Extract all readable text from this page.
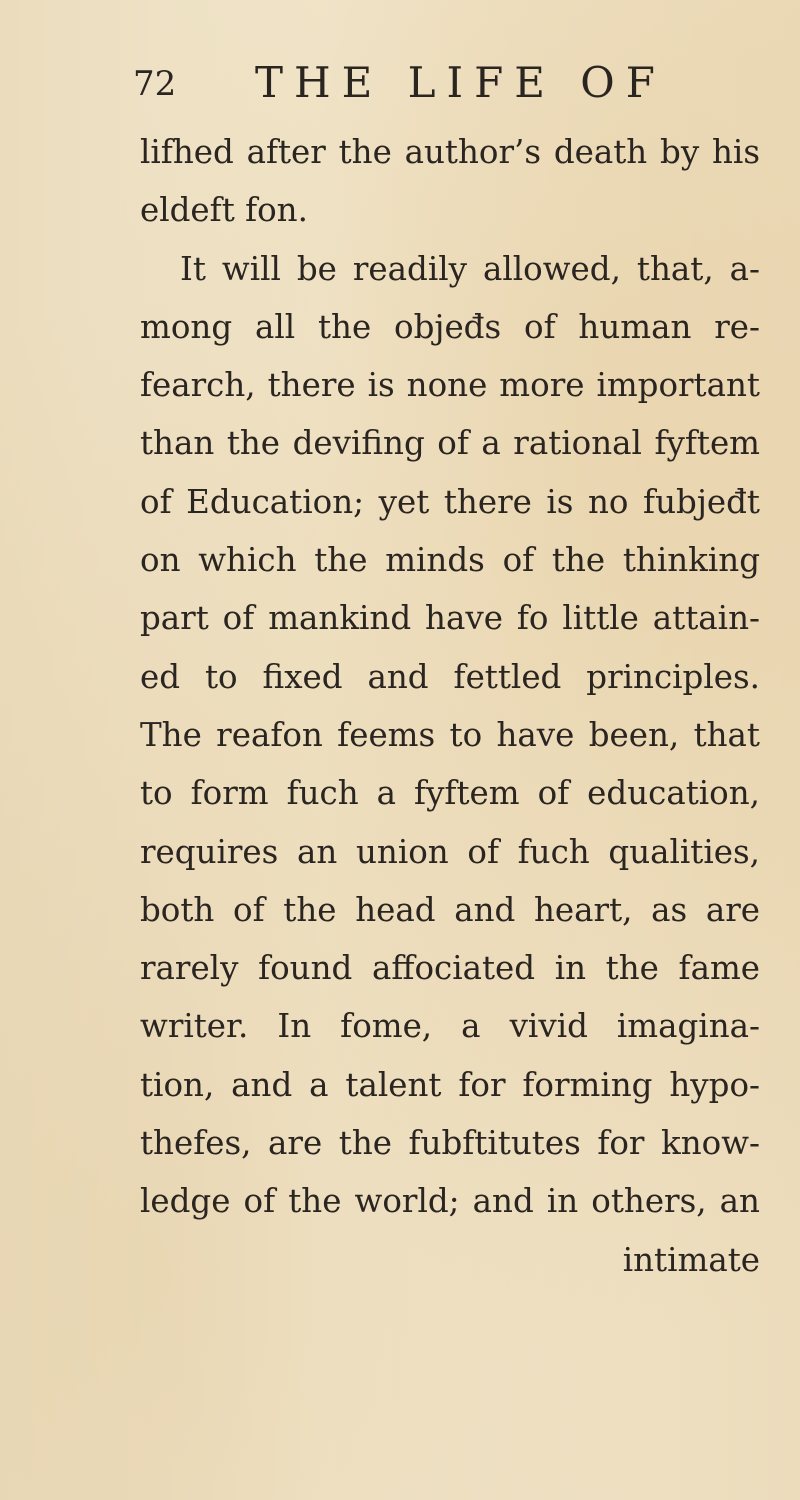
72 THE LIFE OF
lifhed after the author’s death by his
eldeft fon.
It will be readily allowed, that, a-
mong all the objeđs of human re-
fearch, there is none more important
than the devifing of a rational fyftem
of Education; yet there is no fubjeđt
on which the minds of the thinking
part of mankind have fo little attain-
ed to fixed and fettled principles.
The reafon feems to have been, that
to form fuch a fyftem of education,
requires an union of fuch qualities,
both of the head and heart, as are
rarely found affociated in the fame
writer. In fome, a vivid imagina-
tion, and a talent for forming hypo-
thefes, are the fubftitutes for know-
ledge of the world; and in others, an
intimate
